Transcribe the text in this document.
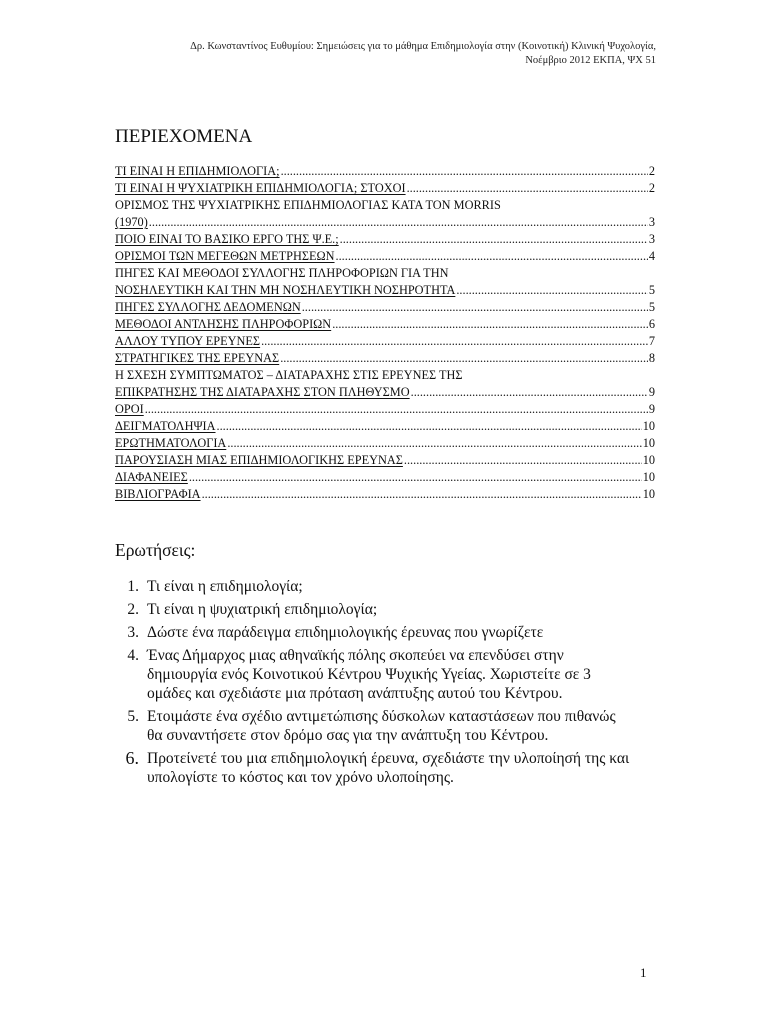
Δρ. Κωνσταντίνος Ευθυμίου: Σημειώσεις για το μάθημα Επιδημιολογία στην (Κοινοτική) Κλινική Ψυχολογία,
Νοέμβριο 2012 ΕΚΠΑ, ΨΧ 51
ΠΕΡΙΕΧΟΜΕΝΑ
ΤΙ ΕΙΝΑΙ Η ΕΠΙΔΗΜΙΟΛΟΓΙΑ; .....	2
ΤΙ ΕΙΝΑΙ Η ΨΥΧΙΑΤΡΙΚΗ ΕΠΙΔΗΜΙΟΛΟΓΙΑ; ΣΤΟΧΟΙ .....	2
ΟΡΙΣΜΟΣ ΤΗΣ ΨΥΧΙΑΤΡΙΚΗΣ ΕΠΙΔΗΜΙΟΛΟΓΙΑΣ ΚΑΤΑ ΤΟΝ MORRIS
(1970) .....	3
ΠΟΙΟ ΕΙΝΑΙ ΤΟ ΒΑΣΙΚΟ ΕΡΓΟ ΤΗΣ Ψ.Ε.; .....	3
ΟΡΙΣΜΟΙ ΤΩΝ ΜΕΓΕΘΩΝ ΜΕΤΡΗΣΕΩΝ .....	4
ΠΗΓΕΣ ΚΑΙ ΜΕΘΟΔΟΙ ΣΥΛΛΟΓΗΣ ΠΛΗΡΟΦΟΡΙΩΝ ΓΙΑ ΤΗΝ
ΝΟΣΗΛΕΥΤΙΚΗ ΚΑΙ ΤΗΝ ΜΗ ΝΟΣΗΛΕΥΤΙΚΗ ΝΟΣΗΡΟΤΗΤΑ .....	5
ΠΗΓΕΣ ΣΥΛΛΟΓΗΣ ΔΕΔΟΜΕΝΩΝ .....	5
ΜΕΘΟΔΟΙ ΑΝΤΛΗΣΗΣ ΠΛΗΡΟΦΟΡΙΩΝ .....	6
ΑΛΛΟΥ ΤΥΠΟΥ ΕΡΕΥΝΕΣ .....	7
ΣΤΡΑΤΗΓΙΚΕΣ ΤΗΣ ΕΡΕΥΝΑΣ .....	8
Η ΣΧΕΣΗ ΣΥΜΠΤΩΜΑΤΟΣ – ΔΙΑΤΑΡΑΧΗΣ ΣΤΙΣ ΕΡΕΥΝΕΣ ΤΗΣ
ΕΠΙΚΡΑΤΗΣΗΣ ΤΗΣ ΔΙΑΤΑΡΑΧΗΣ ΣΤΟΝ ΠΛΗΘΥΣΜΟ .....	9
ΟΡΟΙ .....	9
ΔΕΙΓΜΑΤΟΛΗΨΙΑ .....	10
ΕΡΩΤΗΜΑΤΟΛΟΓΙΑ .....	10
ΠΑΡΟΥΣΙΑΣΗ ΜΙΑΣ ΕΠΙΔΗΜΙΟΛΟΓΙΚΗΣ ΕΡΕΥΝΑΣ .....	10
ΔΙΑΦΑΝΕΙΕΣ .....	10
ΒΙΒΛΙΟΓΡΑΦΙΑ .....	10
Ερωτήσεις:
1. Τι είναι η επιδημιολογία;
2. Τι είναι η ψυχιατρική επιδημιολογία;
3. Δώστε ένα παράδειγμα επιδημιολογικής έρευνας που γνωρίζετε
4. Ένας Δήμαρχος μιας αθηναϊκής πόλης σκοπεύει να επενδύσει στην δημιουργία ενός Κοινοτικού Κέντρου Ψυχικής Υγείας. Χωριστείτε σε 3 ομάδες και σχεδιάστε μια πρόταση ανάπτυξης αυτού του Κέντρου.
5. Ετοιμάστε ένα σχέδιο αντιμετώπισης δύσκολων καταστάσεων που πιθανώς θα συναντήσετε στον δρόμο σας για την ανάπτυξη του Κέντρου.
6. Προτείνετέ του μια επιδημιολογική έρευνα, σχεδιάστε την υλοποίησή της και υπολογίστε το κόστος και τον χρόνο υλοποίησης.
1
